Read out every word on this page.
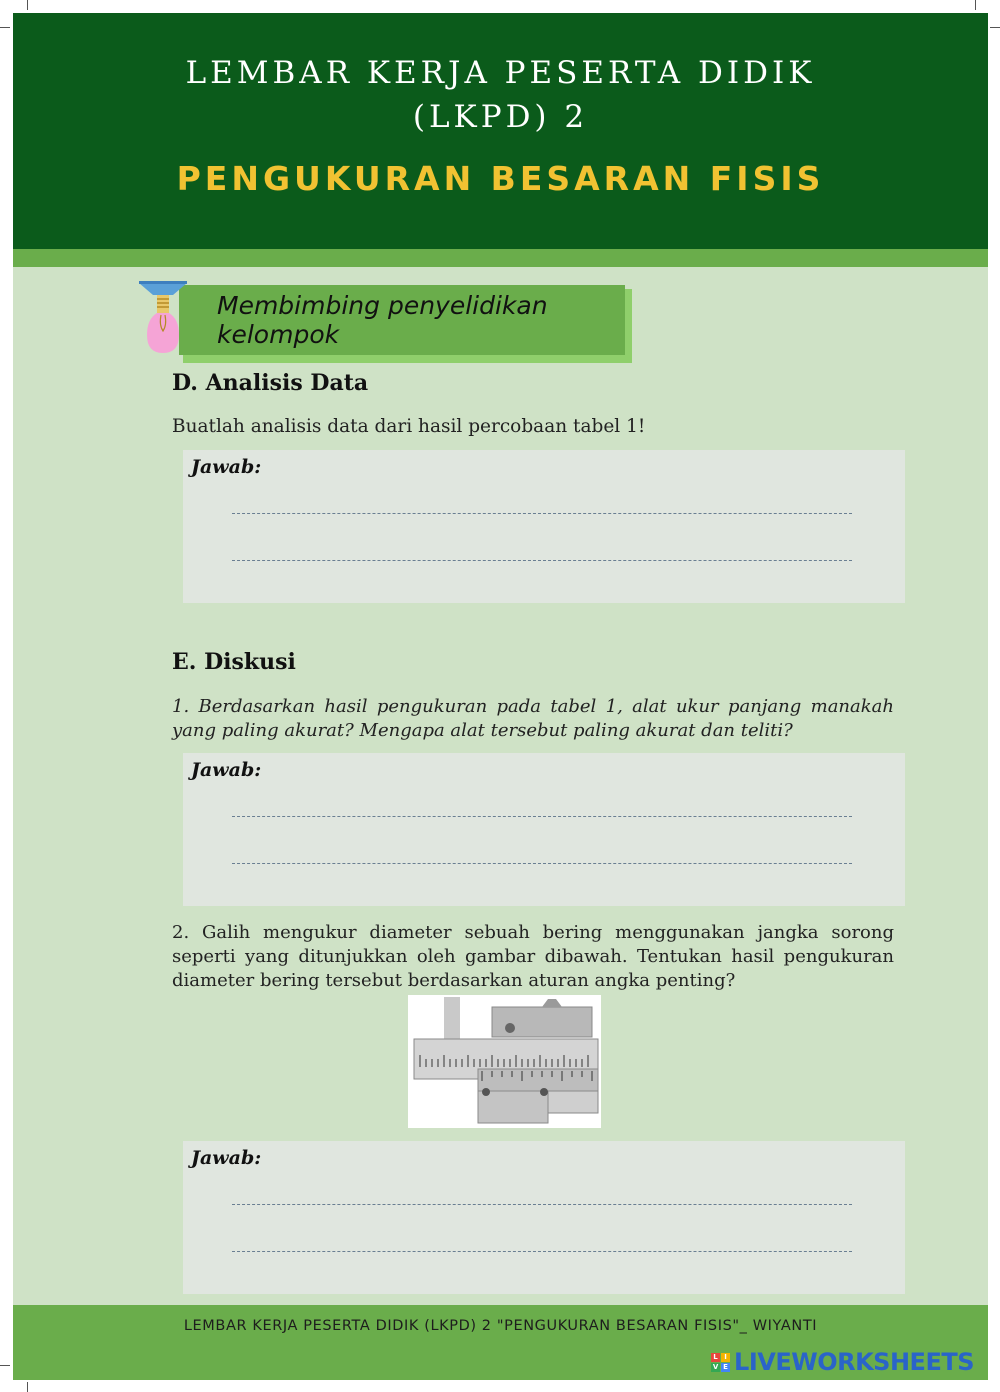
LEMBAR KERJA PESERTA DIDIK
(LKPD) 2
PENGUKURAN BESARAN FISIS
Membimbing penyelidikan kelompok
D. Analisis Data
Buatlah analisis data dari hasil percobaan tabel 1!
Jawab:
E. Diskusi
1. Berdasarkan hasil pengukuran pada tabel 1, alat ukur panjang manakah yang paling akurat? Mengapa alat tersebut paling akurat dan teliti?
Jawab:
2. Galih mengukur diameter sebuah bering menggunakan jangka sorong seperti yang ditunjukkan oleh gambar dibawah. Tentukan hasil pengukuran diameter bering tersebut berdasarkan aturan angka penting?
Jawab:
LEMBAR KERJA PESERTA DIDIK (LKPD) 2 "PENGUKURAN BESARAN FISIS"_ WIYANTI
L I
V E LIVEWORKSHEETS
